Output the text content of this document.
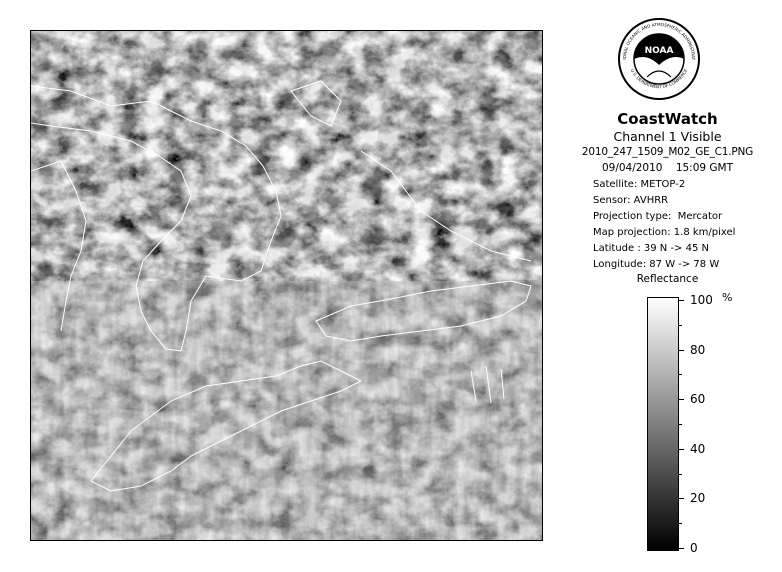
NOAA
IONAL OCEANIC AND ATMOSPHERIC ADMINISTRAT
U.S. DEPARTMENT OF COMMERCE
CoastWatch
Channel 1 Visible
2010_247_1509_M02_GE_C1.PNG
09/04/2010    15:09 GMT
Satellite: METOP-2
Sensor: AVHRR
Projection type:  Mercator
Map projection: 1.8 km/pixel
Latitude : 39 N -> 45 N
Longitude: 87 W -> 78 W
Reflectance
%
100
80
60
40
20
0
